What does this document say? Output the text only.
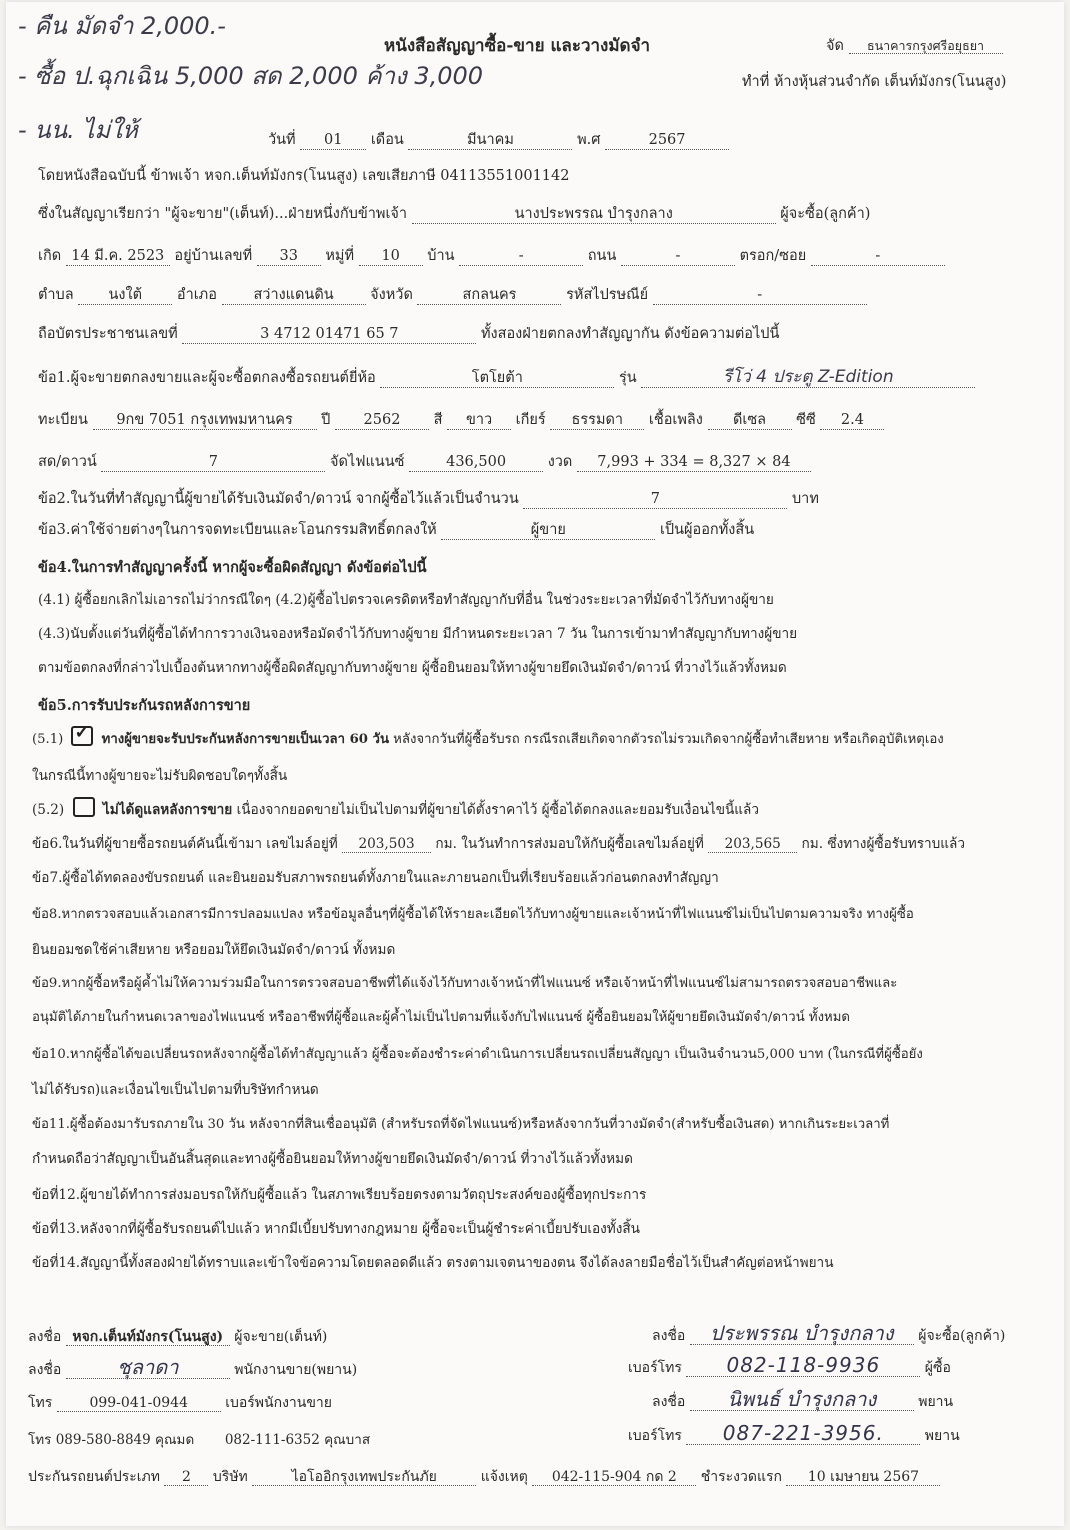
- คืน มัดจำ 2,000.-
- ซื้อ ป.ฉุกเฉิน 5,000 สด 2,000 ค้าง 3,000
- นน. ไม่ให้
หนังสือสัญญาซื้อ-ขาย และวางมัดจำ	จัด ธนาคารกรุงศรีอยุธยา
ทำที่ ห้างหุ้นส่วนจำกัด เต็นท์มังกร(โนนสูง)
วันที่ 01 เดือน	มีนาคม	พ.ศ	2567
โดยหนังสือฉบับนี้ ข้าพเจ้า หจก.เต็นท์มังกร(โนนสูง) เลขเสียภาษี 04113551001142
ซึ่งในสัญญาเรียกว่า "ผู้จะขาย"(เต็นท์)...ฝ่ายหนึ่งกับข้าพเจ้า	นางประพรรณ บำรุงกลาง	ผู้จะซื้อ(ลูกค้า)
เกิด 14 มี.ค. 2523 อยู่บ้านเลขที่ 33 หมู่ที่ 10 บ้าน	-	ถนน	-	ตรอก/ซอย	-
ตำบล นงใต้ อำเภอ	สว่างแดนดิน	จังหวัด	สกลนคร	รหัสไปรษณีย์	-
ถือบัตรประชาชนเลขที่	3 4712 01471 65 7	ทั้งสองฝ่ายตกลงทำสัญญากัน ดังข้อความต่อไปนี้
ข้อ1.ผู้จะขายตกลงขายและผู้จะซื้อตกลงซื้อรถยนต์ยี่ห้อ	โตโยต้า	รุ่น	รีโว่ 4 ประตู Z-Edition
ทะเบียน 9กข 7051 กรุงเทพมหานคร ปี 2562 สี ขาว เกียร์ ธรรมดา เชื้อเพลิง ดีเซล ซีซี 2.4
สด/ดาวน์	7	จัดไฟแนนซ์	436,500	งวด 7,993 + 334 = 8,327 × 84
ข้อ2.ในวันที่ทำสัญญานี้ผู้ขายได้รับเงินมัดจำ/ดาวน์ จากผู้ซื้อไว้แล้วเป็นจำนวน	7	บาท
ข้อ3.ค่าใช้จ่ายต่างๆในการจดทะเบียนและโอนกรรมสิทธิ์ตกลงให้	ผู้ขาย	เป็นผู้ออกทั้งสิ้น
ข้อ4.ในการทำสัญญาครั้งนี้ หากผู้จะซื้อผิดสัญญา ดังข้อต่อไปนี้
(4.1) ผู้ซื้อยกเลิกไม่เอารถไม่ว่ากรณีใดๆ (4.2)ผู้ซื้อไปตรวจเครดิตหรือทำสัญญากับที่อื่น ในช่วงระยะเวลาที่มัดจำไว้กับทางผู้ขาย
(4.3)นับตั้งแต่วันที่ผู้ซื้อได้ทำการวางเงินจองหรือมัดจำไว้กับทางผู้ขาย มีกำหนดระยะเวลา 7 วัน ในการเข้ามาทำสัญญากับทางผู้ขาย
ตามข้อตกลงที่กล่าวไปเบื้องต้นหากทางผู้ซื้อผิดสัญญากับทางผู้ขาย ผู้ซื้อยินยอมให้ทางผู้ขายยึดเงินมัดจำ/ดาวน์ ที่วางไว้แล้วทั้งหมด
ข้อ5.การรับประกันรถหลังการขาย
(5.1) ✓ ทางผู้ขายจะรับประกันหลังการขายเป็นเวลา 60 วัน หลังจากวันที่ผู้ซื้อรับรถ กรณีรถเสียเกิดจากตัวรถไม่รวมเกิดจากผู้ซื้อทำเสียหาย หรือเกิดอุบัติเหตุเอง
ในกรณีนี้ทางผู้ขายจะไม่รับผิดชอบใดๆทั้งสิ้น
(5.2)	ไม่ได้ดูแลหลังการขาย เนื่องจากยอดขายไม่เป็นไปตามที่ผู้ขายได้ตั้งราคาไว้ ผู้ซื้อได้ตกลงและยอมรับเงื่อนไขนี้แล้ว
ข้อ6.ในวันที่ผู้ขายซื้อรถยนต์คันนี้เข้ามา เลขไมล์อยู่ที่ 203,503 กม. ในวันทำการส่งมอบให้กับผู้ซื้อเลขไมล์อยู่ที่ 203,565 กม. ซึ่งทางผู้ซื้อรับทราบแล้ว
ข้อ7.ผู้ซื้อได้ทดลองขับรถยนต์ และยินยอมรับสภาพรถยนต์ทั้งภายในและภายนอกเป็นที่เรียบร้อยแล้วก่อนตกลงทำสัญญา
ข้อ8.หากตรวจสอบแล้วเอกสารมีการปลอมแปลง หรือข้อมูลอื่นๆที่ผู้ซื้อได้ให้รายละเอียดไว้กับทางผู้ขายและเจ้าหน้าที่ไฟแนนซ์ไม่เป็นไปตามความจริง ทางผู้ซื้อ
ยินยอมชดใช้ค่าเสียหาย หรือยอมให้ยึดเงินมัดจำ/ดาวน์ ทั้งหมด
ข้อ9.หากผู้ซื้อหรือผู้ค้ำไม่ให้ความร่วมมือในการตรวจสอบอาชีพที่ได้แจ้งไว้กับทางเจ้าหน้าที่ไฟแนนซ์ หรือเจ้าหน้าที่ไฟแนนซ์ไม่สามารถตรวจสอบอาชีพและ
อนุมัติได้ภายในกำหนดเวลาของไฟแนนซ์ หรืออาชีพที่ผู้ซื้อและผู้ค้ำไม่เป็นไปตามที่แจ้งกับไฟแนนซ์ ผู้ซื้อยินยอมให้ผู้ขายยึดเงินมัดจำ/ดาวน์ ทั้งหมด
ข้อ10.หากผู้ซื้อได้ขอเปลี่ยนรถหลังจากผู้ซื้อได้ทำสัญญาแล้ว ผู้ซื้อจะต้องชำระค่าดำเนินการเปลี่ยนรถเปลี่ยนสัญญา เป็นเงินจำนวน5,000 บาท (ในกรณีที่ผู้ซื้อยัง
ไม่ได้รับรถ)และเงื่อนไขเป็นไปตามที่บริษัทกำหนด
ข้อ11.ผู้ซื้อต้องมารับรถภายใน 30 วัน หลังจากที่สินเชื่ออนุมัติ (สำหรับรถที่จัดไฟแนนซ์)หรือหลังจากวันที่วางมัดจำ(สำหรับซื้อเงินสด) หากเกินระยะเวลาที่
กำหนดถือว่าสัญญาเป็นอันสิ้นสุดและทางผู้ซื้อยินยอมให้ทางผู้ขายยึดเงินมัดจำ/ดาวน์ ที่วางไว้แล้วทั้งหมด
ข้อที่12.ผู้ขายได้ทำการส่งมอบรถให้กับผู้ซื้อแล้ว ในสภาพเรียบร้อยตรงตามวัตถุประสงค์ของผู้ซื้อทุกประการ
ข้อที่13.หลังจากที่ผู้ซื้อรับรถยนต์ไปแล้ว หากมีเบี้ยปรับทางกฎหมาย ผู้ซื้อจะเป็นผู้ชำระค่าเบี้ยปรับเองทั้งสิ้น
ข้อที่14.สัญญานี้ทั้งสองฝ่ายได้ทราบและเข้าใจข้อความโดยตลอดดีแล้ว ตรงตามเจตนาของตน จึงได้ลงลายมือชื่อไว้เป็นสำคัญต่อหน้าพยาน
ลงชื่อ หจก.เต็นท์มังกร(โนนสูง) ผู้จะขาย(เต็นท์)
ลงชื่อ	ชุลาดา	พนักงานขาย(พยาน)
โทร	099-041-0944	เบอร์พนักงานขาย
โทร 089-580-8849 คุณมด 082-111-6352 คุณบาส
ลงชื่อ ประพรรณ บำรุงกลาง ผู้จะซื้อ(ลูกค้า)
เบอร์โทร 082-118-9936	ผู้ซื้อ
ลงชื่อ นิพนธ์ บำรุงกลาง	พยาน
เบอร์โทร 087-221-3956.	พยาน
ประกันรถยนต์ประเภท 2 บริษัท	ไอโออิกรุงเทพประกันภัย	แจ้งเหตุ 042-115-904 กด 2 ชำระงวดแรก 10 เมษายน 2567
